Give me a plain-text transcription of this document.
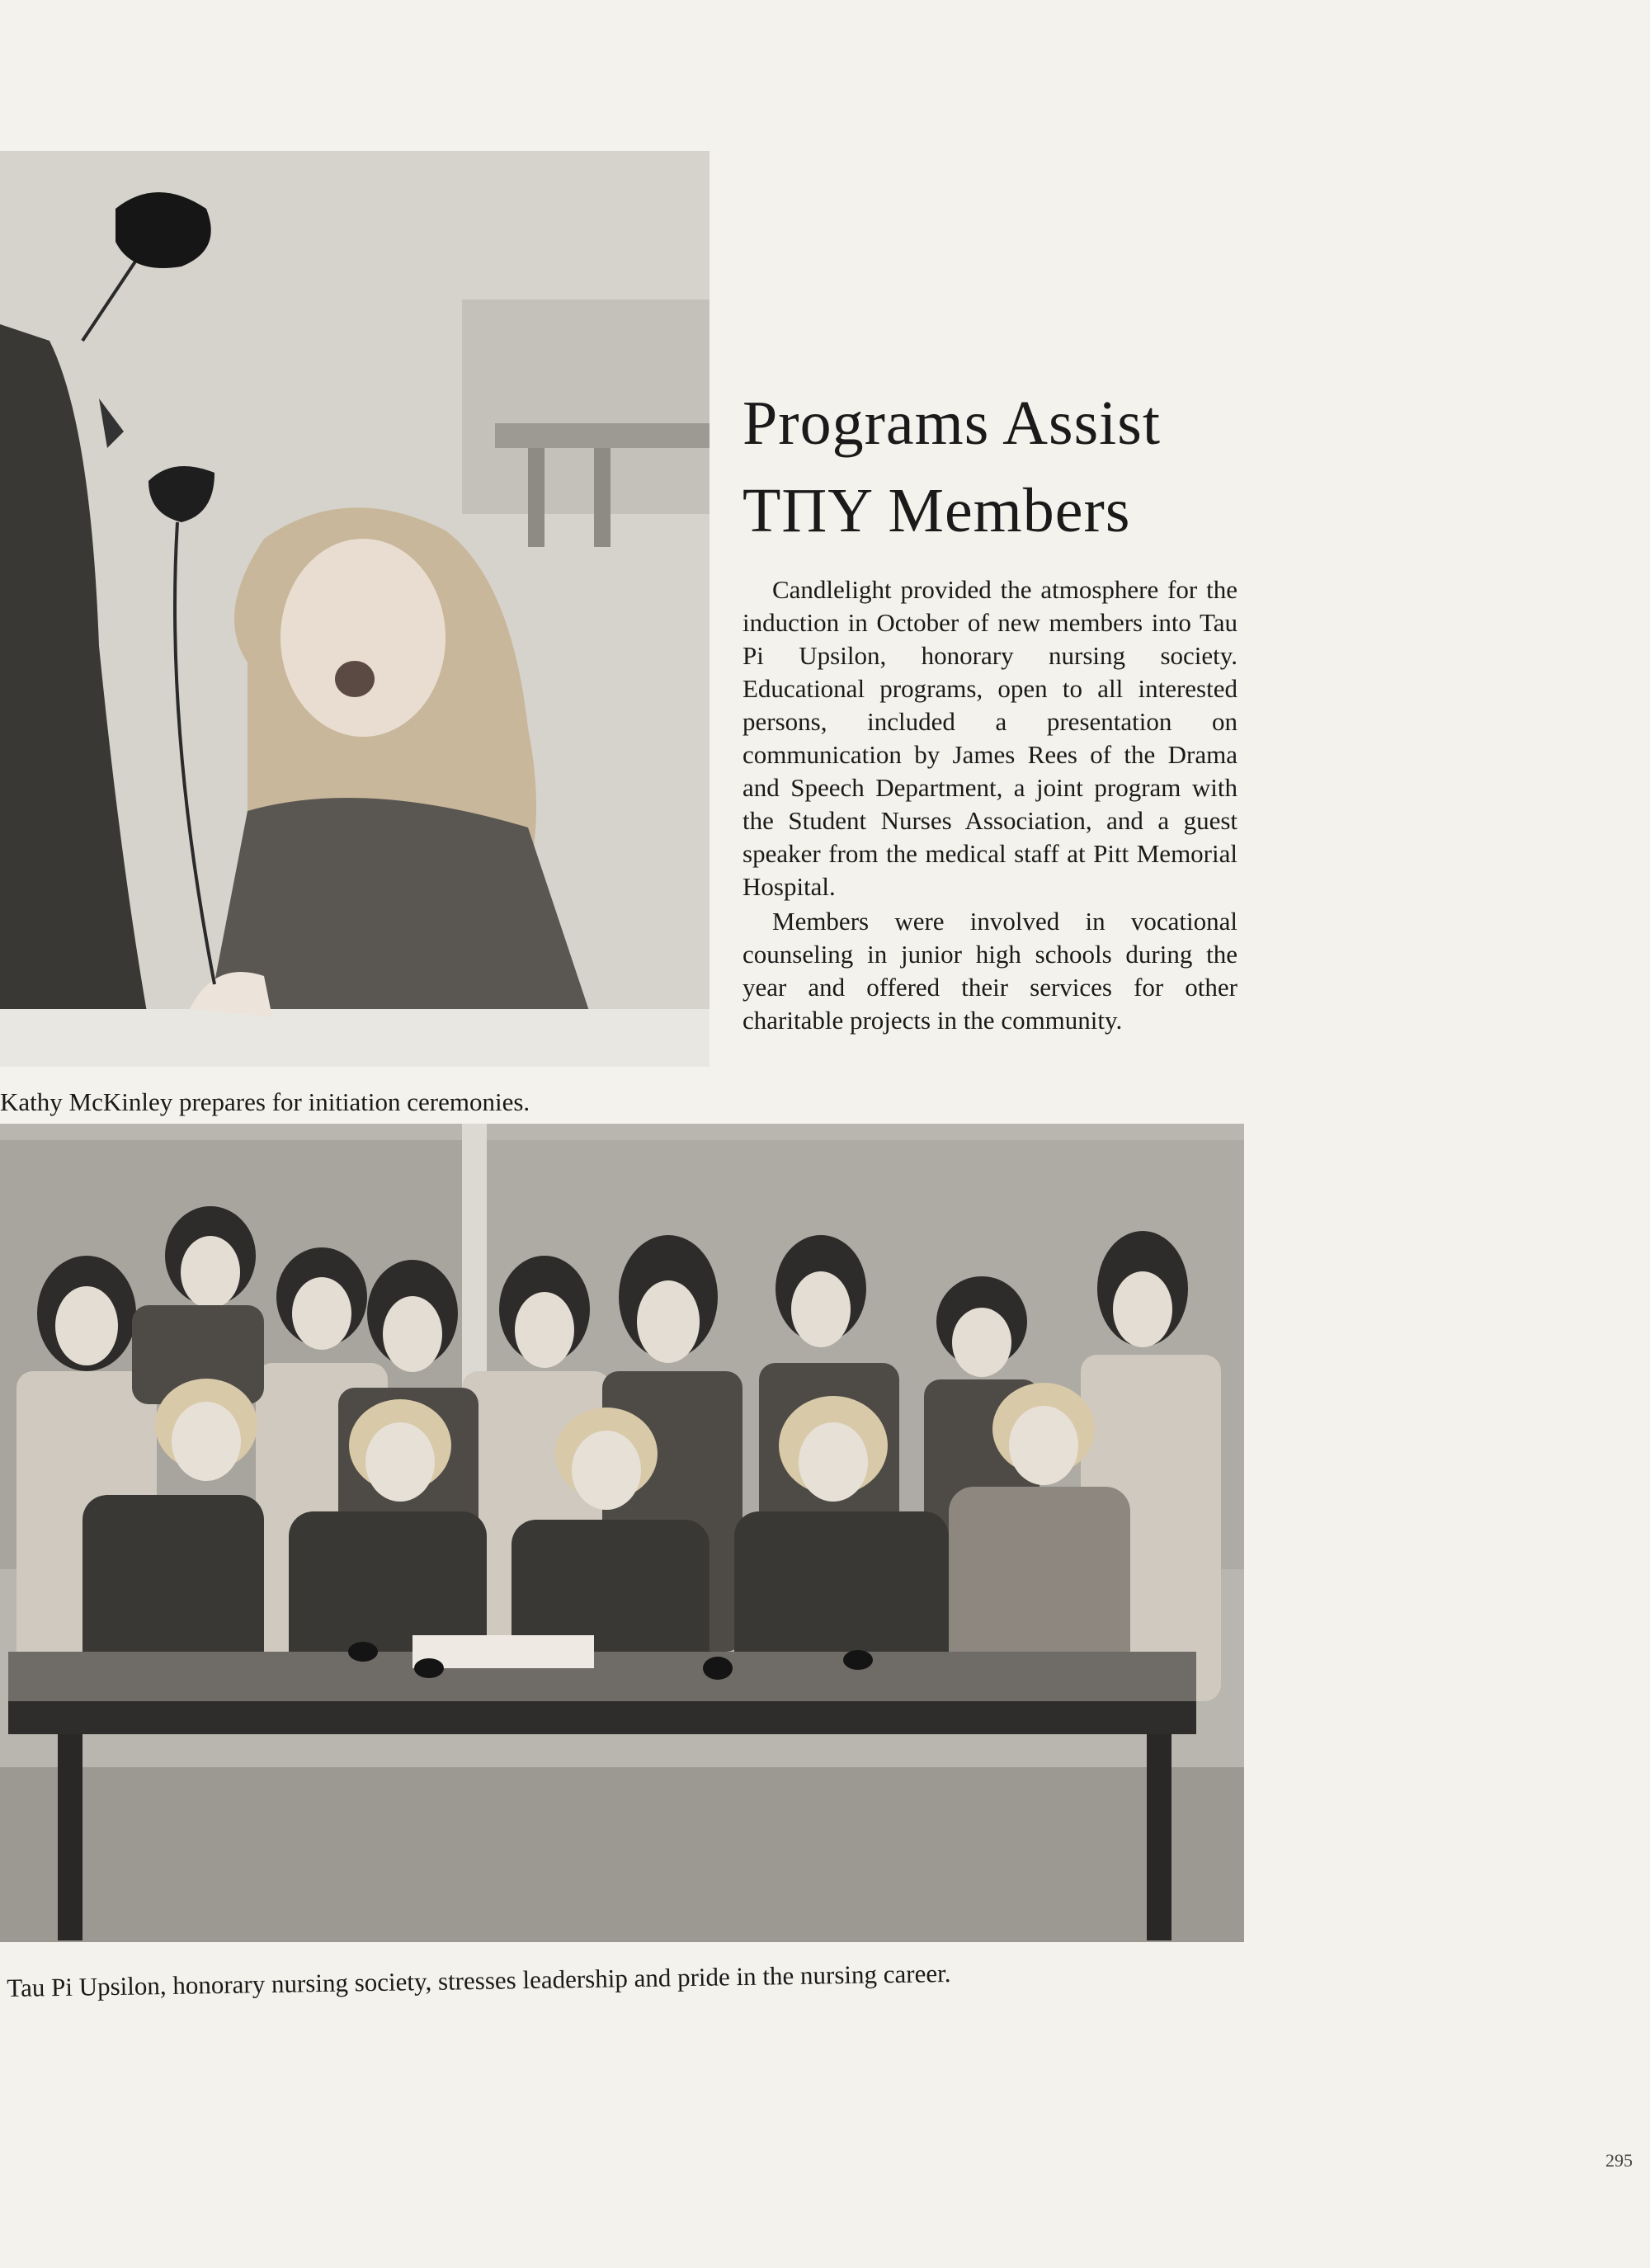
Programs Assist
TΠΥ Members

Candlelight provided the atmosphere for the induction in October of new members into Tau Pi Upsilon, honorary nursing society. Educational programs, open to all interested persons, included a presentation on communication by James Rees of the Drama and Speech Department, a joint program with the Student Nurses Association, and a guest speaker from the medical staff at Pitt Memorial Hospital.

Members were involved in vocational counseling in junior high schools during the year and offered their services for other charitable projects in the community.

Kathy McKinley prepares for initiation ceremonies.
Tau Pi Upsilon, honorary nursing society, stresses leadership and pride in the nursing career.
295
